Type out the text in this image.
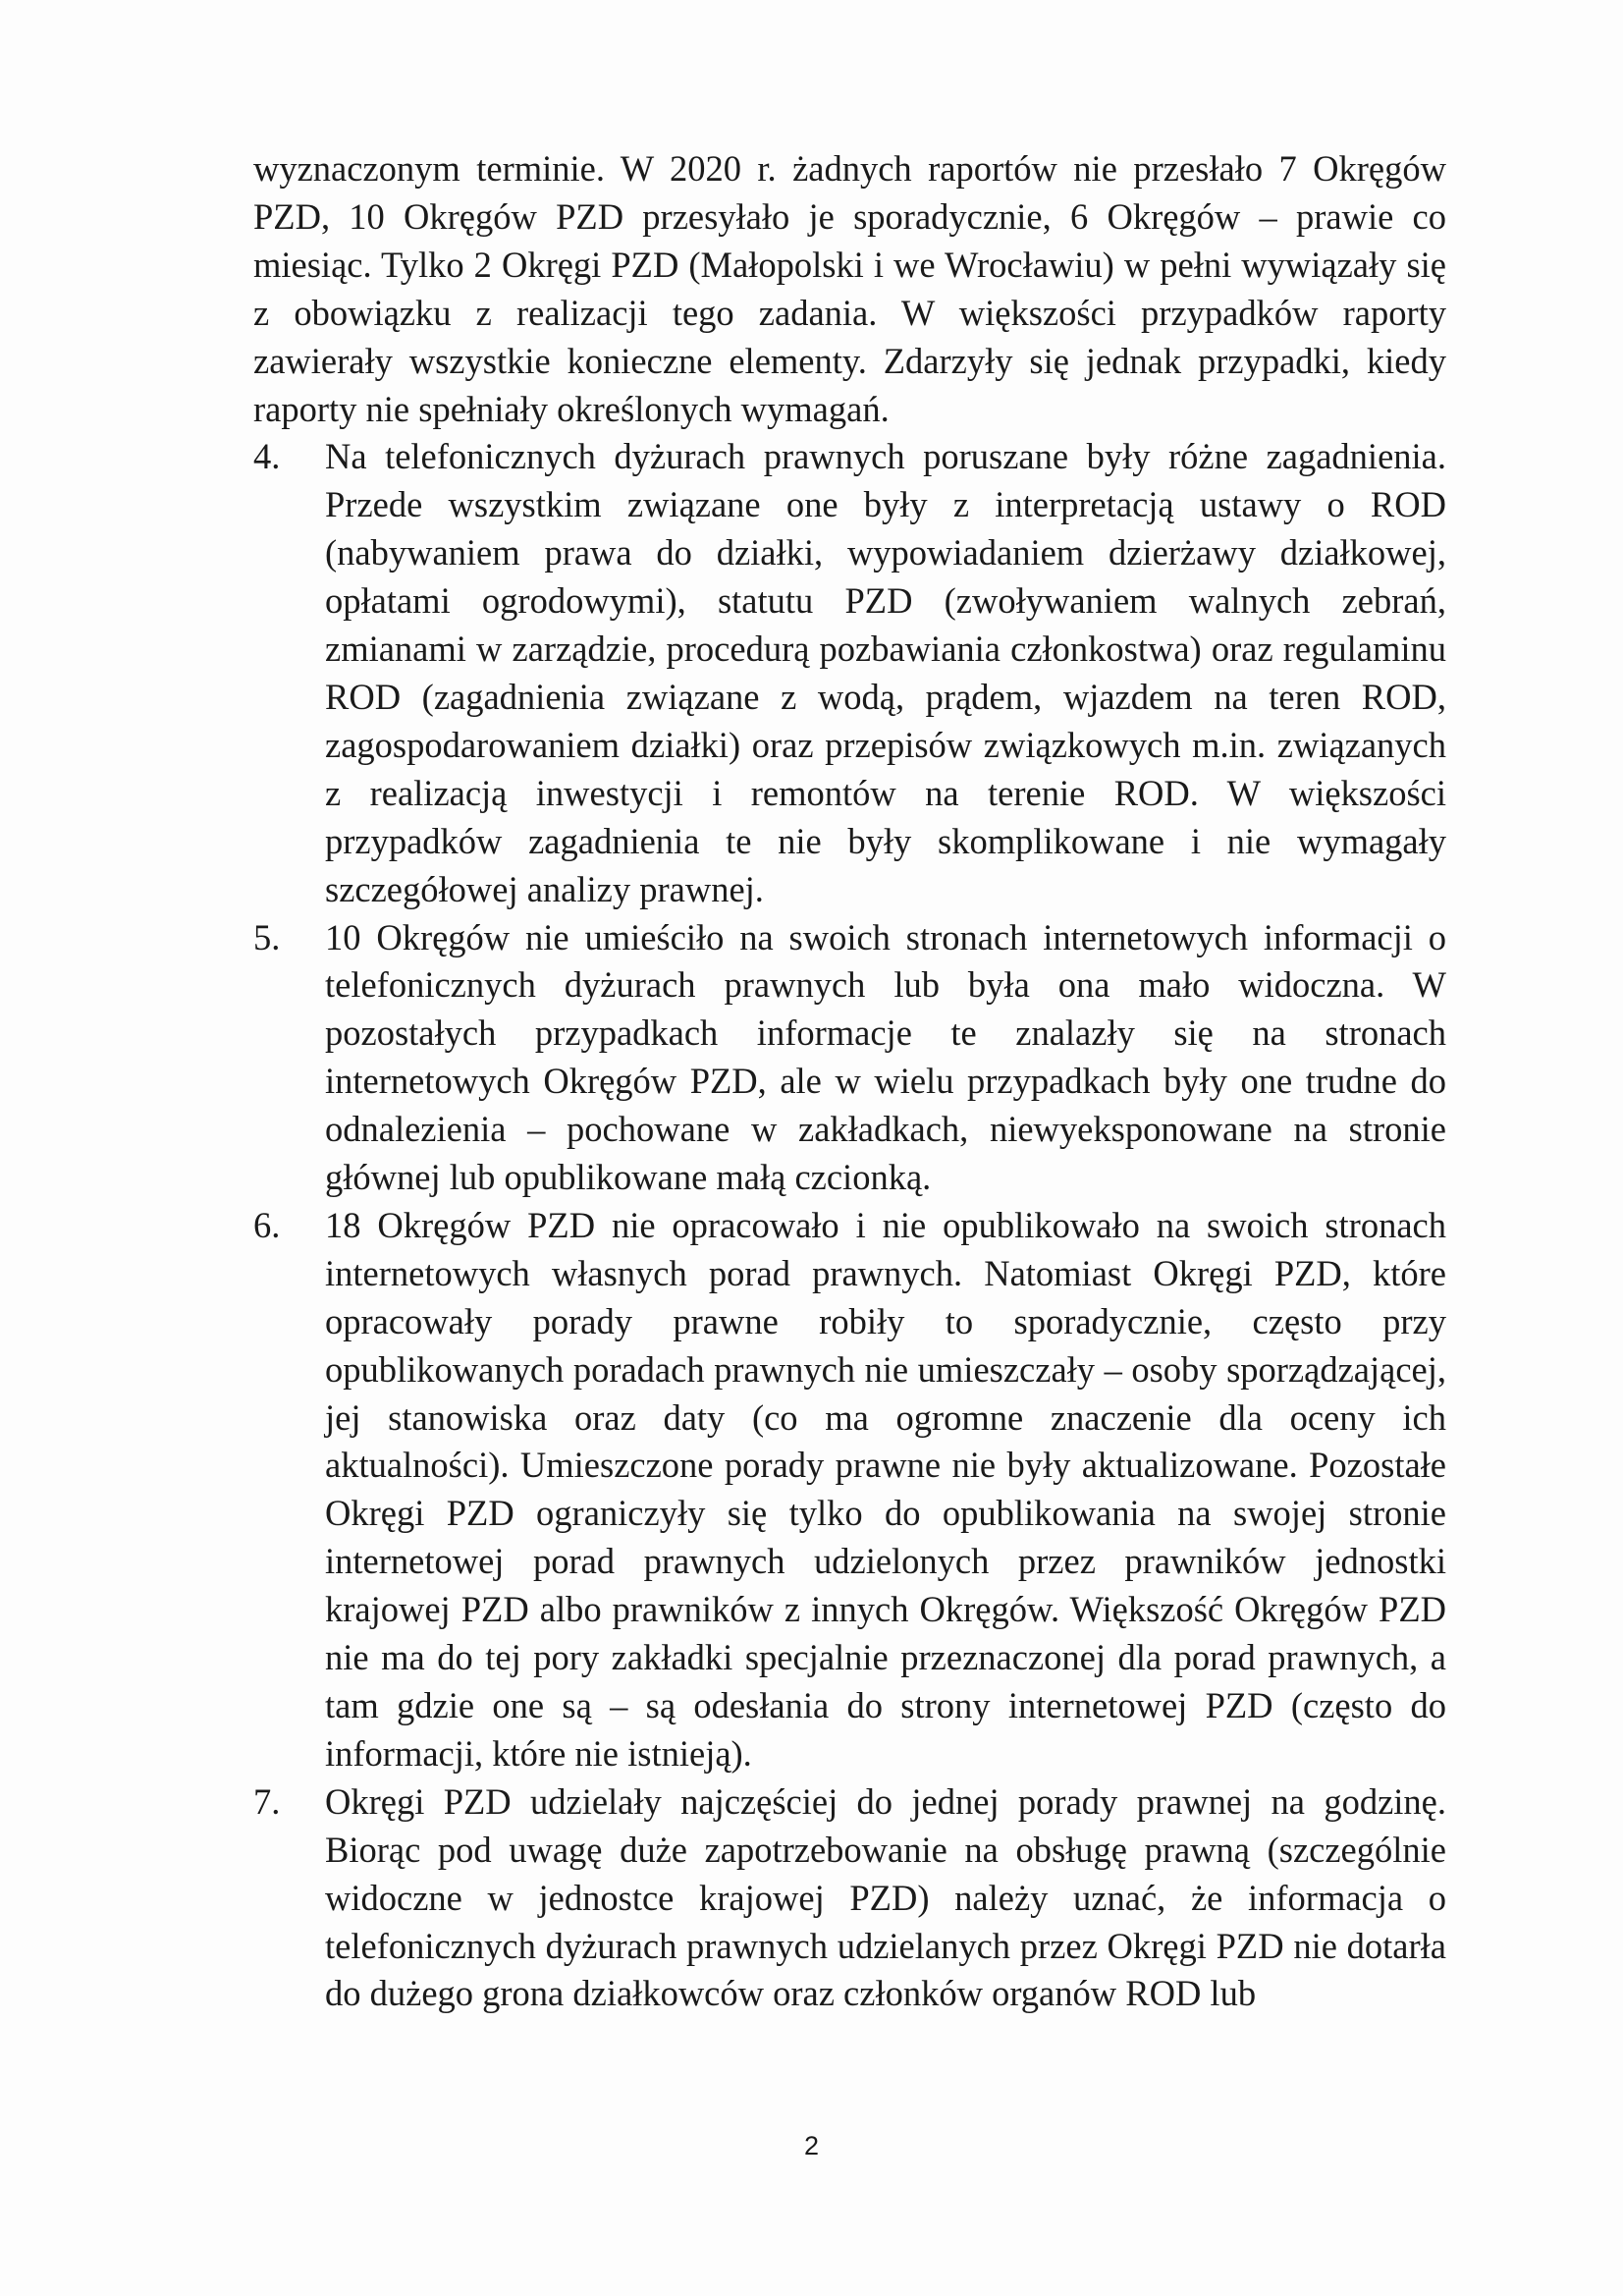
wyznaczonym terminie. W 2020 r. żadnych raportów nie przesłało 7 Okręgów PZD, 10 Okręgów PZD przesyłało je sporadycznie, 6 Okręgów – prawie co miesiąc. Tylko 2 Okręgi PZD (Małopolski i we Wrocławiu) w pełni wywiązały się z obowiązku z realizacji tego zadania. W większości przypadków raporty zawierały wszystkie konieczne elementy. Zdarzyły się jednak przypadki, kiedy raporty nie spełniały określonych wymagań.

4.	Na telefonicznych dyżurach prawnych poruszane były różne zagadnienia. Przede wszystkim związane one były z interpretacją ustawy o ROD (nabywaniem prawa do działki, wypowiadaniem dzierżawy działkowej, opłatami ogrodowymi), statutu PZD (zwoływaniem walnych zebrań, zmianami w zarządzie, procedurą pozbawiania członkostwa) oraz regulaminu ROD (zagadnienia związane z wodą, prądem, wjazdem na teren ROD, zagospodarowaniem działki) oraz przepisów związkowych m.in. związanych z realizacją inwestycji i remontów na terenie ROD. W większości przypadków zagadnienia te nie były skomplikowane i nie wymagały szczegółowej analizy prawnej.
5.	10 Okręgów nie umieściło na swoich stronach internetowych informacji o telefonicznych dyżurach prawnych lub była ona mało widoczna. W pozostałych przypadkach informacje te znalazły się na stronach internetowych Okręgów PZD, ale w wielu przypadkach były one trudne do odnalezienia – pochowane w zakładkach, niewyeksponowane na stronie głównej lub opublikowane małą czcionką.
6.	18 Okręgów PZD nie opracowało i nie opublikowało na swoich stronach internetowych własnych porad prawnych. Natomiast Okręgi PZD, które opracowały porady prawne robiły to sporadycznie, często przy opublikowanych poradach prawnych nie umieszczały – osoby sporządzającej, jej stanowiska oraz daty (co ma ogromne znaczenie dla oceny ich aktualności). Umieszczone porady prawne nie były aktualizowane. Pozostałe Okręgi PZD ograniczyły się tylko do opublikowania na swojej stronie internetowej porad prawnych udzielonych przez prawników jednostki krajowej PZD albo prawników z innych Okręgów. Większość Okręgów PZD nie ma do tej pory zakładki specjalnie przeznaczonej dla porad prawnych, a tam gdzie one są – są odesłania do strony internetowej PZD (często do informacji, które nie istnieją).
7.	Okręgi PZD udzielały najczęściej do jednej porady prawnej na godzinę. Biorąc pod uwagę duże zapotrzebowanie na obsługę prawną (szczególnie widoczne w jednostce krajowej PZD) należy uznać, że informacja o telefonicznych dyżurach prawnych udzielanych przez Okręgi PZD nie dotarła do dużego grona działkowców oraz członków organów ROD lub
2
